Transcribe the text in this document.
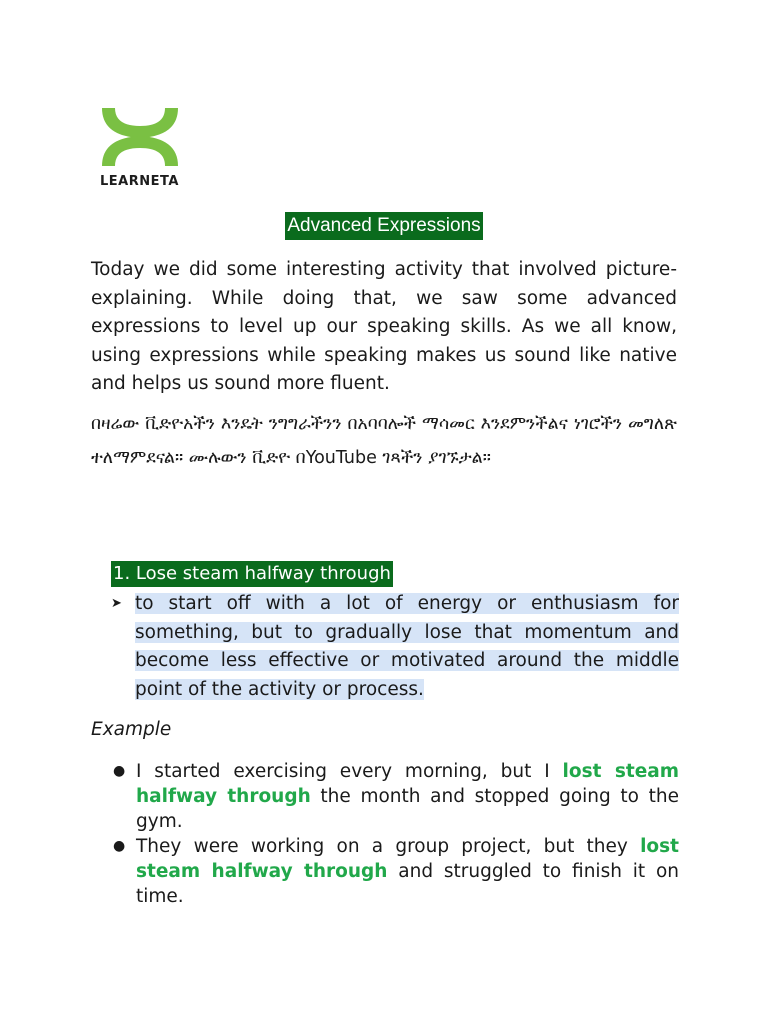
LEARNETA
Advanced Expressions

Today we did some interesting activity that involved picture-explaining. While doing that, we saw some advanced expressions to level up our speaking skills. As we all know, using expressions while speaking makes us sound like native and helps us sound more fluent.

በዛሬው ቪድዮአችን እንዴት ንግግራችንን በአባባሎች ማሳመር እንደምንችልና ነገሮችን መግለጽ ተለማምደናል። ሙሉውን ቪድዮ በYouTube ገጻችን ያገኙታል።

1. Lose steam halfway through
➤ to start off with a lot of energy or enthusiasm for something, but to gradually lose that momentum and become less effective or motivated around the middle point of the activity or process.
Example
● I started exercising every morning, but I lost steam halfway through the month and stopped going to the gym.
● They were working on a group project, but they lost steam halfway through and struggled to finish it on time.
